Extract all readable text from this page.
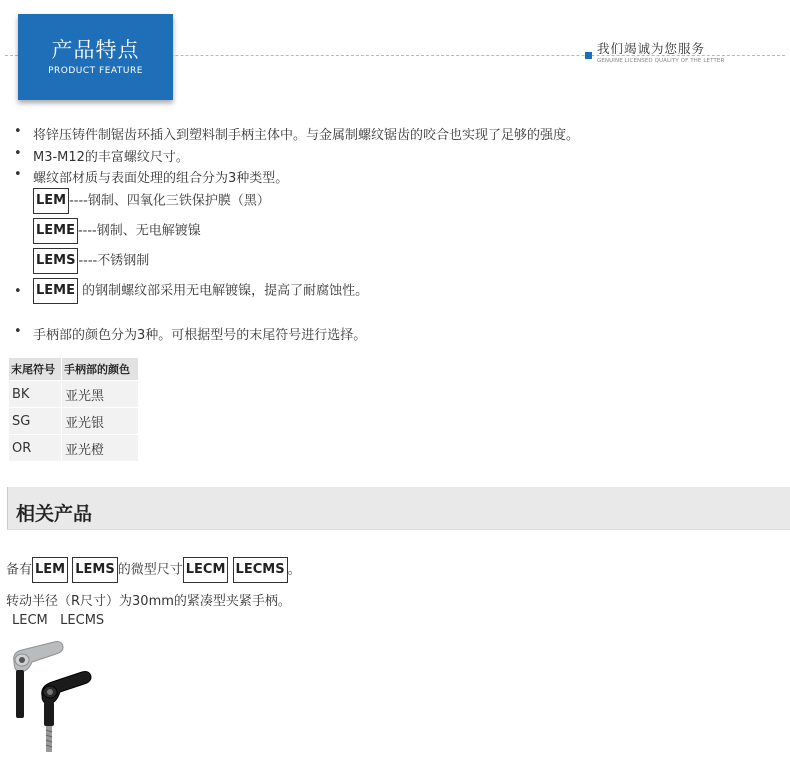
产品特点
PRODUCT FEATURE
我们竭诚为您服务
GENUINE LICENSED QUALITY OF THE LETTER
• 将锌压铸件制锯齿环插入到塑料制手柄主体中。与金属制螺纹锯齿的咬合也实现了足够的强度。
• M3-M12的丰富螺纹尺寸。
• 螺纹部材质与表面处理的组合分为3种类型。
LEM ----钢制、四氧化三铁保护膜（黑）
LEME ----钢制、无电解镀镍
LEMS ----不锈钢制
• LEME 的钢制螺纹部采用无电解镀镍，提高了耐腐蚀性。
• 手柄部的颜色分为3种。可根据型号的末尾符号进行选择。
末尾符号	手柄部的颜色
BK	亚光黑
SG	亚光银
OR	亚光橙
相关产品
备有 LEM LEMS 的微型尺寸 LECM LECMS 。
转动半径（R尺寸）为30mm的紧凑型夹紧手柄。
LECM LECMS
